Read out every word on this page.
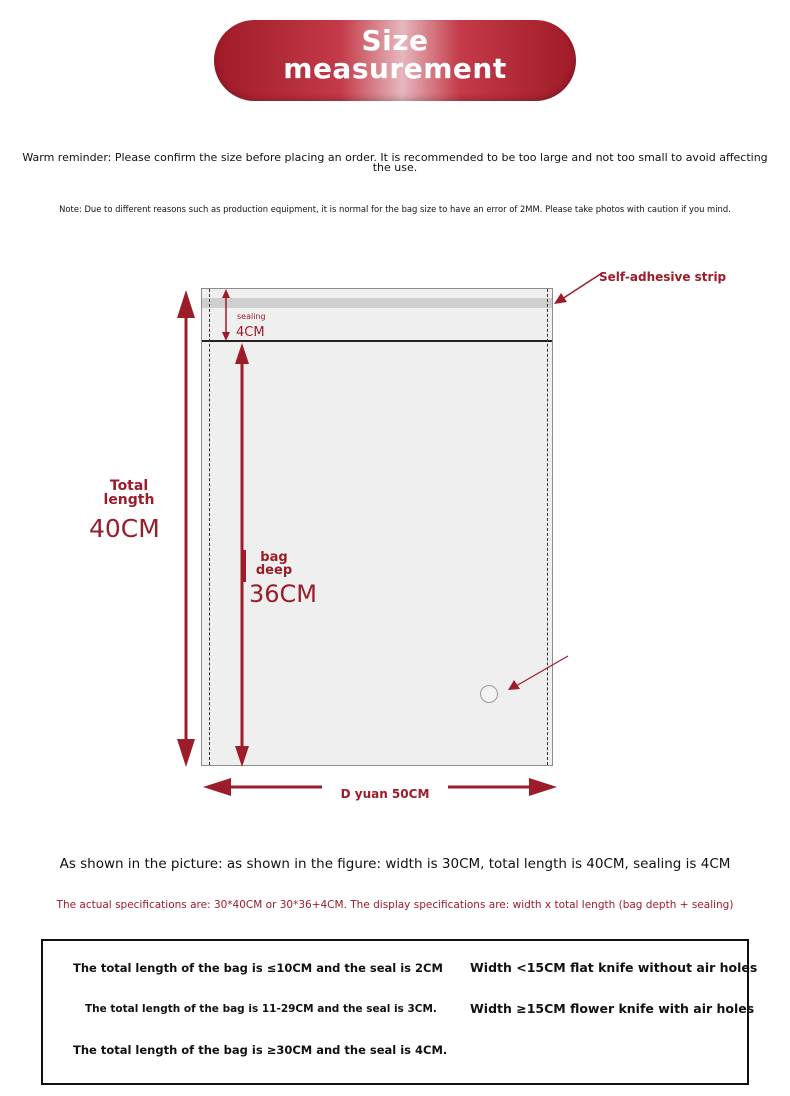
Size
measurement
Warm reminder: Please confirm the size before placing an order. It is recommended to be too large and not too small to avoid affecting the use.
Note: Due to different reasons such as production equipment, it is normal for the bag size to have an error of 2MM. Please take photos with caution if you mind.
Self-adhesive strip
sealing
4CM
Total length
40CM
bag deep
36CM
D yuan 50CM
As shown in the picture: as shown in the figure: width is 30CM, total length is 40CM, sealing is 4CM
The actual specifications are: 30*40CM or 30*36+4CM. The display specifications are: width x total length (bag depth + sealing)
The total length of the bag is ≤10CM and the seal is 2CM
The total length of the bag is 11-29CM and the seal is 3CM.
The total length of the bag is ≥30CM and the seal is 4CM.
Width <15CM flat knife without air holes
Width ≥15CM flower knife with air holes
